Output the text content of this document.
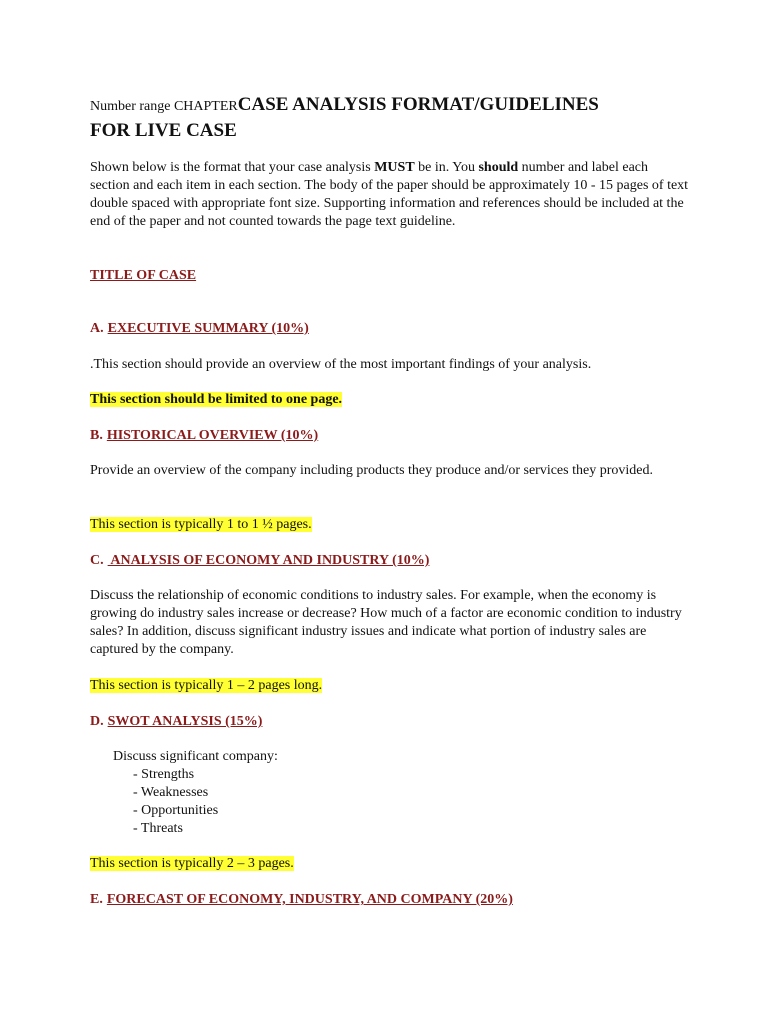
Number range CHAPTERCASE ANALYSIS FORMAT/GUIDELINES
FOR LIVE CASE
Shown below is the format that your case analysis MUST be in. You should number and label each section and each item in each section. The body of the paper should be approximately 10 - 15 pages of text double spaced with appropriate font size. Supporting information and references should be included at the end of the paper and not counted towards the page text guideline.
TITLE OF CASE
A. EXECUTIVE SUMMARY (10%)
.This section should provide an overview of the most important findings of your analysis.
This section should be limited to one page.
B. HISTORICAL OVERVIEW (10%)
Provide an overview of the company including products they produce and/or services they provided.
This section is typically 1 to 1 ½ pages.
C. ANALYSIS OF ECONOMY AND INDUSTRY (10%)
Discuss the relationship of economic conditions to industry sales. For example, when the economy is growing do industry sales increase or decrease? How much of a factor are economic condition to industry sales? In addition, discuss significant industry issues and indicate what portion of industry sales are captured by the company.
This section is typically 1 – 2 pages long.
D. SWOT ANALYSIS (15%)
Discuss significant company:
- Strengths
- Weaknesses
- Opportunities
- Threats
This section is typically 2 – 3 pages.
E. FORECAST OF ECONOMY, INDUSTRY, AND COMPANY (20%)
